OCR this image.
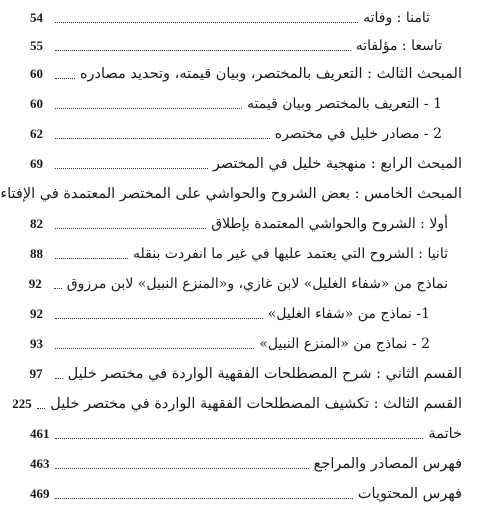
ثامنا : وفاته
54
تاسعا : مؤلفاته
55
المبحث الثالث : التعريف بالمختصر، وبيان قيمته، وتحديد مصادره
60
1 - التعريف بالمختصر وبيان قيمته
60
2 - مصادر خليل في مختصره
62
المبحث الرابع : منهجية خليل في المختصر
69
المبحث الخامس : بعض الشروح والحواشي على المختصر المعتمدة في الإفتاء
أولا : الشروح والحواشي المعتمدة بإطلاق
82
ثانيا : الشروح التي يعتمد عليها في غير ما انفردت بنقله
88
نماذج من «شفاء الغليل» لابن غازي، و«المنزع النبيل» لابن مرزوق
92
1- نماذج من «شفاء الغليل»
92
2 - نماذج من «المنزع النبيل»
93
القسم الثاني : شرح المصطلحات الفقهية الواردة في مختصر خليل
97
القسم الثالث : تكشيف المصطلحات الفقهية الواردة في مختصر خليل
225
خاتمة
461
فهرس المصادر والمراجع
463
فهرس المحتويات
469
